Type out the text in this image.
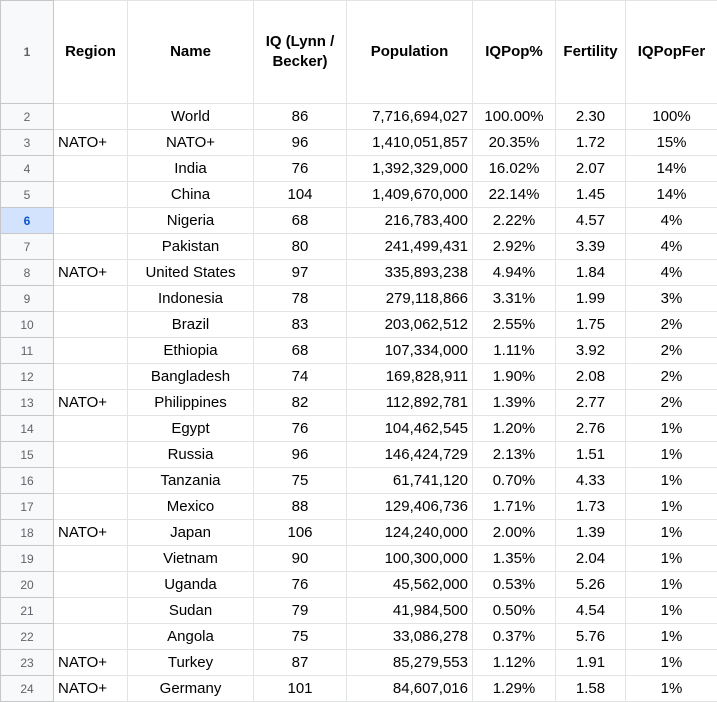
1	Region	Name	IQ (Lynn / Becker)	Population	IQPop%	Fertility	IQPopFer
2		World	86	7,716,694,027	100.00%	2.30	100%
3	NATO+	NATO+	96	1,410,051,857	20.35%	1.72	15%
4		India	76	1,392,329,000	16.02%	2.07	14%
5		China	104	1,409,670,000	22.14%	1.45	14%
6		Nigeria	68	216,783,400	2.22%	4.57	4%
7		Pakistan	80	241,499,431	2.92%	3.39	4%
8	NATO+	United States	97	335,893,238	4.94%	1.84	4%
9		Indonesia	78	279,118,866	3.31%	1.99	3%
10		Brazil	83	203,062,512	2.55%	1.75	2%
11		Ethiopia	68	107,334,000	1.11%	3.92	2%
12		Bangladesh	74	169,828,911	1.90%	2.08	2%
13	NATO+	Philippines	82	112,892,781	1.39%	2.77	2%
14		Egypt	76	104,462,545	1.20%	2.76	1%
15		Russia	96	146,424,729	2.13%	1.51	1%
16		Tanzania	75	61,741,120	0.70%	4.33	1%
17		Mexico	88	129,406,736	1.71%	1.73	1%
18	NATO+	Japan	106	124,240,000	2.00%	1.39	1%
19		Vietnam	90	100,300,000	1.35%	2.04	1%
20		Uganda	76	45,562,000	0.53%	5.26	1%
21		Sudan	79	41,984,500	0.50%	4.54	1%
22		Angola	75	33,086,278	0.37%	5.76	1%
23	NATO+	Turkey	87	85,279,553	1.12%	1.91	1%
24	NATO+	Germany	101	84,607,016	1.29%	1.58	1%
